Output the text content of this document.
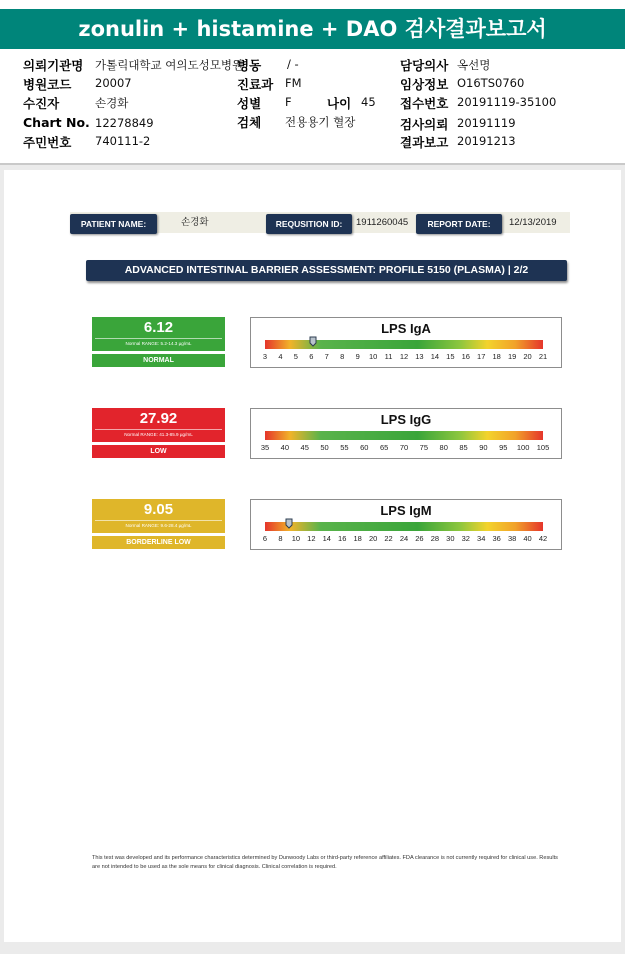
zonulin + histamine + DAO 검사결과보고서
의뢰기관명 가톨릭대학교 여의도성모병원
병동 / -	담당의사 옥선명
병원코드 20007	진료과 FM	임상정보 O16TS0760
수진자	손경화	성별 F	나이 45 접수번호 20191119-35100
Chart No. 12278849	검체 전용용기 혈장	검사의뢰 20191119
주민번호 740111-2	결과보고 20191213
PATIENT NAME:	손경화	REQUSITION ID:	1911260045	REPORT DATE:	12/13/2019
ADVANCED INTESTINAL BARRIER ASSESSMENT: PROFILE 5150 (PLASMA) | 2/2
6.12
Normal RANGE: 5.2-14.3 µg/mL
NORMAL
LPS IgA
3 4 5 6 7 8 9 10 11 12 13 14 15 16 17 18 19 20 21
27.92
Normal RANGE: 41.3-85.9 µg/mL
LOW
LPS IgG
35 40 45 50 55 60 65 70 75 80 85 90 95 100 105
9.05
Normal RANGE: 9.6-28.4 µg/mL
BORDERLINE LOW
LPS IgM
6 8 10 12 14 16 18 20 22 24 26 28 30 32 34 36 38 40 42
This test was developed and its performance characteristics determined by Dunwoody Labs or third-party reference affiliates. FDA clearance is not currently required for clinical use. Results are not intended to be used as the sole means for clinical diagnosis. Clinical correlation is required.
